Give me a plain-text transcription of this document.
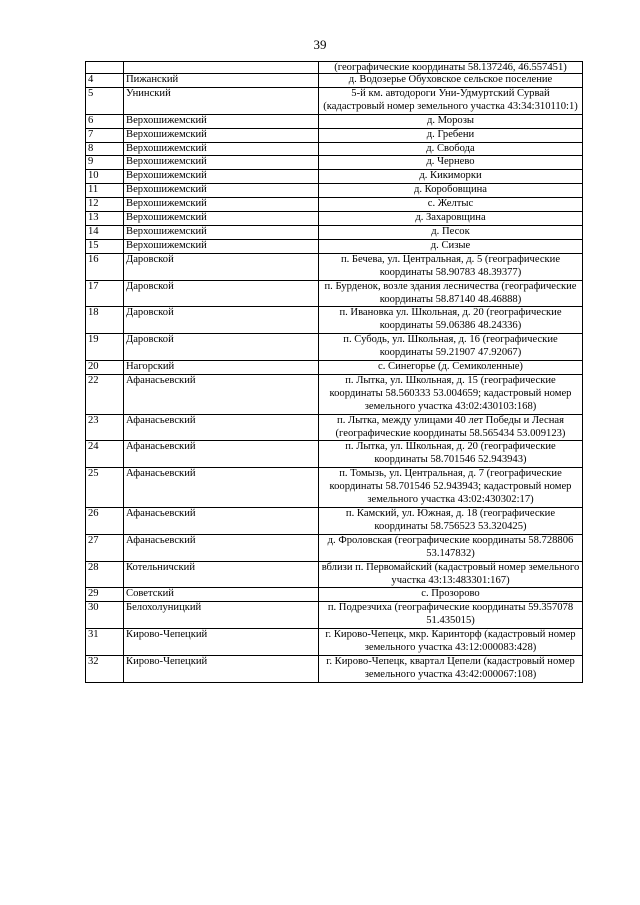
39
		(географические координаты 58.137246, 46.557451)
4	Пижанский	д. Водозерье Обуховское сельское поселение
5	Унинский	5-й км. автодороги Уни-Удмуртский Сурвай (кадастровый номер земельного участка 43:34:310110:1)
6	Верхошижемский	д. Морозы
7	Верхошижемский	д. Гребени
8	Верхошижемский	д. Свобода
9	Верхошижемский	д. Чернево
10	Верхошижемский	д. Кикиморки
11	Верхошижемский	д. Коробовщина
12	Верхошижемский	с. Желтыс
13	Верхошижемский	д. Захаровщина
14	Верхошижемский	д. Песок
15	Верхошижемский	д. Сизые
16	Даровской	п. Бечева, ул. Центральная, д. 5 (географические координаты 58.90783 48.39377)
17	Даровской	п. Бурденок, возле здания лесничества (географические координаты 58.87140 48.46888)
18	Даровской	п. Ивановка ул. Школьная, д. 20 (географические координаты 59.06386 48.24336)
19	Даровской	п. Субодь, ул. Школьная, д. 16 (географические координаты 59.21907 47.92067)
20	Нагорский	с. Синегорье (д. Семиколенные)
22	Афанасьевский	п. Лытка, ул. Школьная, д. 15 (географические координаты 58.560333 53.004659; кадастровый номер земельного участка 43:02:430103:168)
23	Афанасьевский	п. Лытка, между улицами 40 лет Победы и Лесная (географические координаты 58.565434 53.009123)
24	Афанасьевский	п. Лытка, ул. Школьная, д. 20 (географические координаты 58.701546 52.943943)
25	Афанасьевский	п. Томызь, ул. Центральная, д. 7 (географические координаты 58.701546 52.943943; кадастровый номер земельного участка 43:02:430302:17)
26	Афанасьевский	п. Камский, ул. Южная, д. 18 (географические координаты 58.756523 53.320425)
27	Афанасьевский	д. Фроловская (географические координаты 58.728806 53.147832)
28	Котельничский	вблизи п. Первомайский (кадастровый номер земельного участка 43:13:483301:167)
29	Советский	с. Прозорово
30	Белохолуницкий	п. Подрезчиха (географические координаты 59.357078 51.435015)
31	Кирово-Чепецкий	г. Кирово-Чепецк, мкр. Каринторф (кадастровый номер земельного участка 43:12:000083:428)
32	Кирово-Чепецкий	г. Кирово-Чепецк, квартал Цепели (кадастровый номер земельного участка 43:42:000067:108)
